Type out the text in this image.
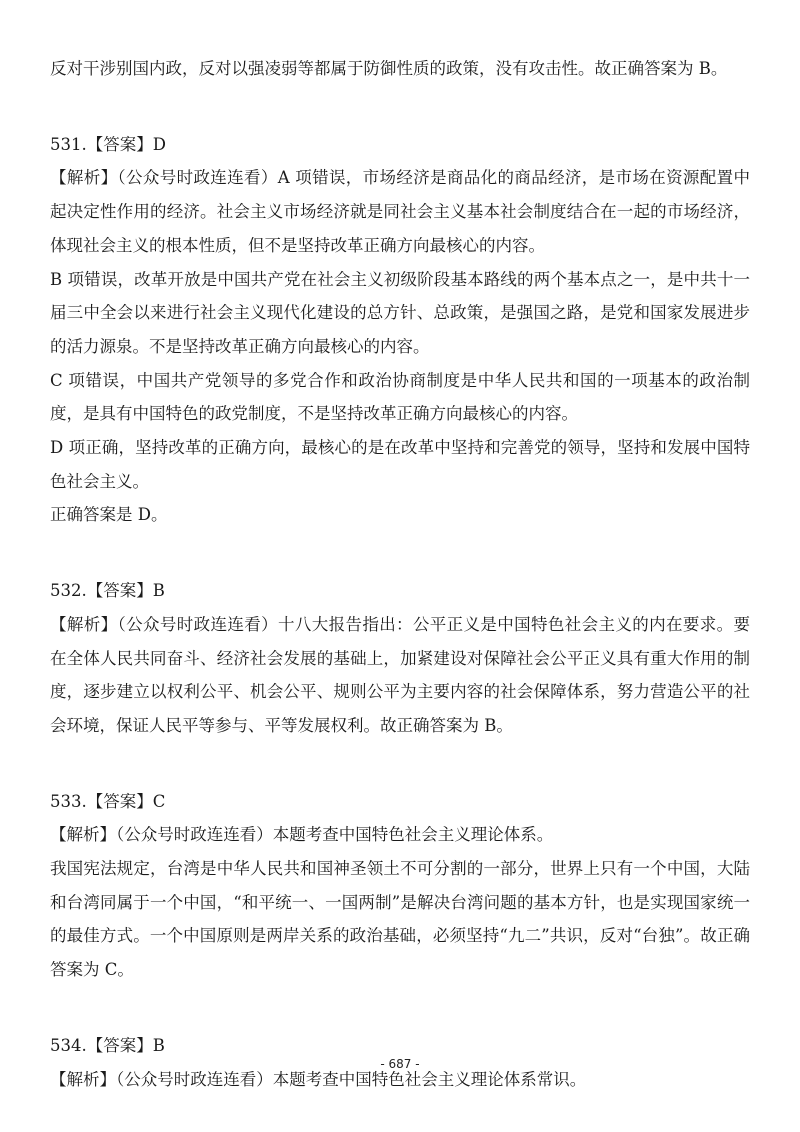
反对干涉别国内政，反对以强凌弱等都属于防御性质的政策，没有攻击性。故正确答案为 B。

531.【答案】D

【解析】（公众号时政连连看）A 项错误，市场经济是商品化的商品经济，是市场在资源配置中起决定性作用的经济。社会主义市场经济就是同社会主义基本社会制度结合在一起的市场经济，体现社会主义的根本性质，但不是坚持改革正确方向最核心的内容。

B 项错误，改革开放是中国共产党在社会主义初级阶段基本路线的两个基本点之一，是中共十一届三中全会以来进行社会主义现代化建设的总方针、总政策，是强国之路，是党和国家发展进步的活力源泉。不是坚持改革正确方向最核心的内容。

C 项错误，中国共产党领导的多党合作和政治协商制度是中华人民共和国的一项基本的政治制度，是具有中国特色的政党制度，不是坚持改革正确方向最核心的内容。

D 项正确，坚持改革的正确方向，最核心的是在改革中坚持和完善党的领导，坚持和发展中国特色社会主义。

正确答案是 D。

532.【答案】B

【解析】（公众号时政连连看）十八大报告指出：公平正义是中国特色社会主义的内在要求。要在全体人民共同奋斗、经济社会发展的基础上，加紧建设对保障社会公平正义具有重大作用的制度，逐步建立以权利公平、机会公平、规则公平为主要内容的社会保障体系，努力营造公平的社会环境，保证人民平等参与、平等发展权利。故正确答案为 B。

533.【答案】C

【解析】（公众号时政连连看）本题考查中国特色社会主义理论体系。

我国宪法规定，台湾是中华人民共和国神圣领土不可分割的一部分，世界上只有一个中国，大陆和台湾同属于一个中国，“和平统一、一国两制”是解决台湾问题的基本方针，也是实现国家统一的最佳方式。一个中国原则是两岸关系的政治基础，必须坚持“九二”共识，反对“台独”。故正确答案为 C。

534.【答案】B

【解析】（公众号时政连连看）本题考查中国特色社会主义理论体系常识。

- 687 -
